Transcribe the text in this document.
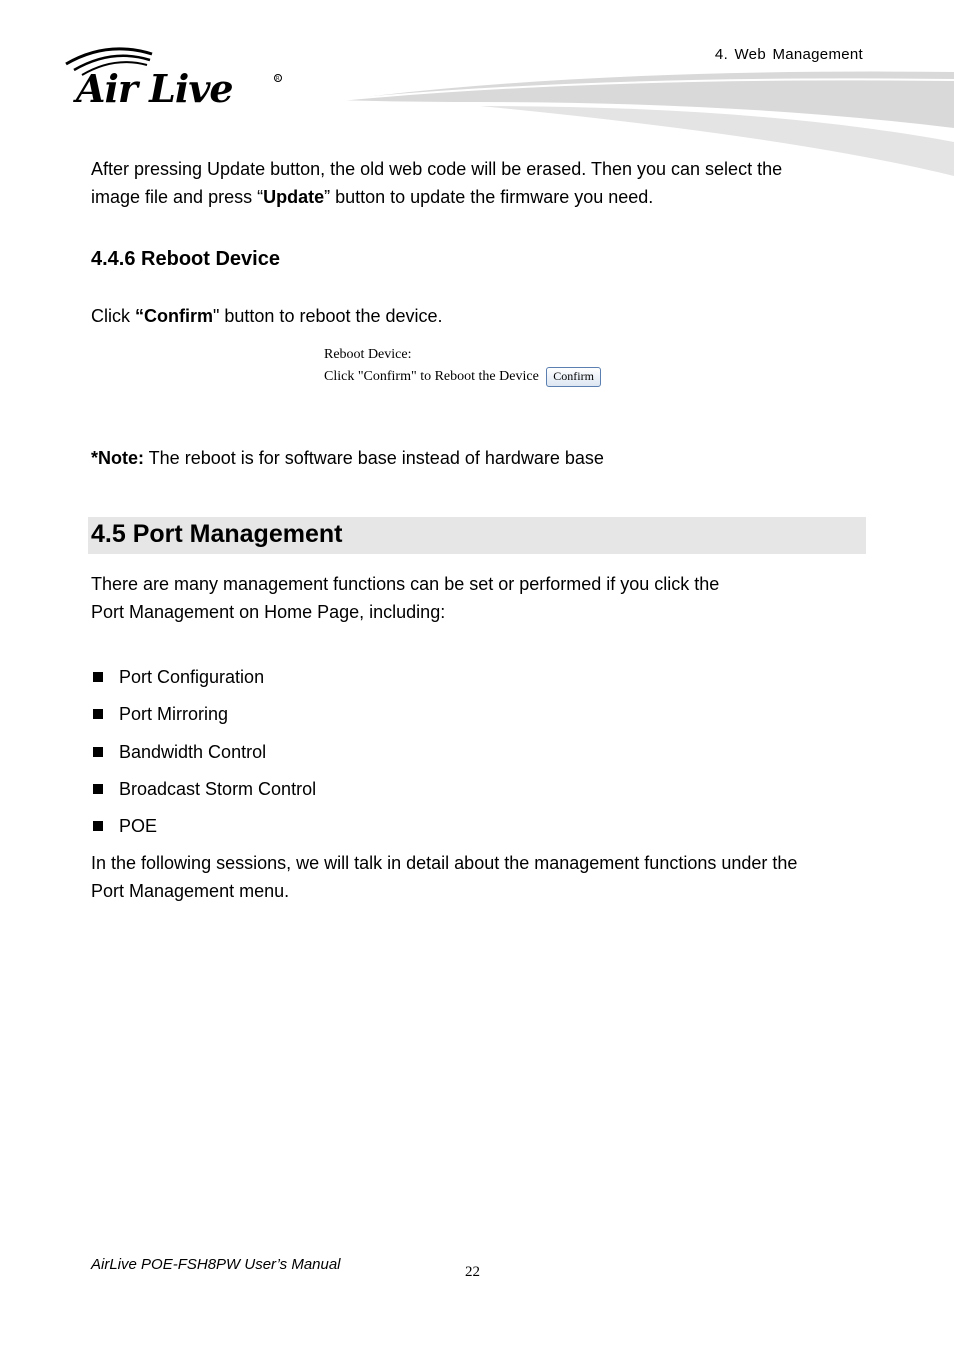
4. Web Management
Air Live	R
After pressing Update button, the old web code will be erased. Then you can select the
image file and press “Update” button to update the firmware you need.
4.4.6 Reboot Device
Click “Confirm" button to reboot the device.
Reboot Device:
Click "Confirm" to Reboot the Device Confirm
*Note: The reboot is for software base instead of hardware base
4.5 Port Management
There are many management functions can be set or performed if you click the
Port Management on Home Page, including:
Port Configuration
Port Mirroring
Bandwidth Control
Broadcast Storm Control
POE
In the following sessions, we will talk in detail about the management functions under the
Port Management menu.
AirLive POE-FSH8PW User’s Manual	22
